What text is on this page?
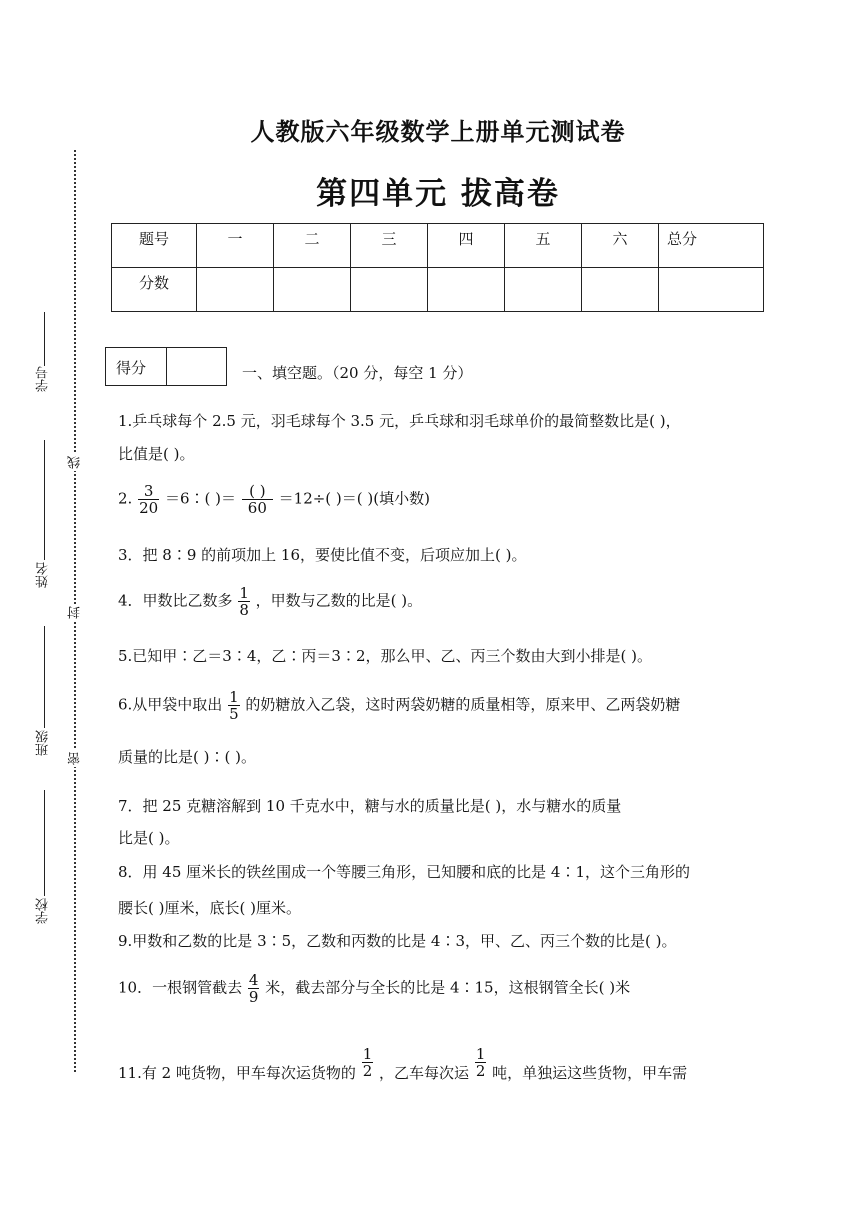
学号
姓名
班级
学校
线
封
密
人教版六年级数学上册单元测试卷
第四单元 拔高卷
题号	一	二	三	四	五	六	总分
分数							
得分	一、填空题。（20 分，每空 1 分）
1.乒乓球每个 2.5 元，羽毛球每个 3.5 元，乒乓球和羽毛球单价的最简整数比是( )，
比值是( )。
2. $\frac{3}{20}$ ＝6∶( )＝ $\frac{( )}{60} =12\div$( )＝( )(填小数)
3．把 8∶9 的前项加上 16，要使比值不变，后项应加上( )。
4．甲数比乙数多 $\frac{1}{8}$ ，甲数与乙数的比是( )。
5.已知甲∶乙＝3∶4，乙∶丙＝3∶2，那么甲、乙、丙三个数由大到小排是( )。
6.从甲袋中取出 $\frac{1}{5}$ 的奶糖放入乙袋，这时两袋奶糖的质量相等，原来甲、乙两袋奶糖
质量的比是( )∶( )。
7．把 25 克糖溶解到 10 千克水中，糖与水的质量比是( )，水与糖水的质量
比是( )。
8．用 45 厘米长的铁丝围成一个等腰三角形，已知腰和底的比是 4∶1，这个三角形的
腰长( )厘米，底长( )厘米。
9.甲数和乙数的比是 3∶5，乙数和丙数的比是 4∶3，甲、乙、丙三个数的比是( )。
10．一根钢管截去 $\frac{4}{9}$ 米，截去部分与全长的比是 4∶15，这根钢管全长( )米
11.有 2 吨货物，甲车每次运货物的 $\frac{1}{2}$ ，乙车每次运 $\frac{1}{2}$ 吨，单独运这些货物，甲车需
